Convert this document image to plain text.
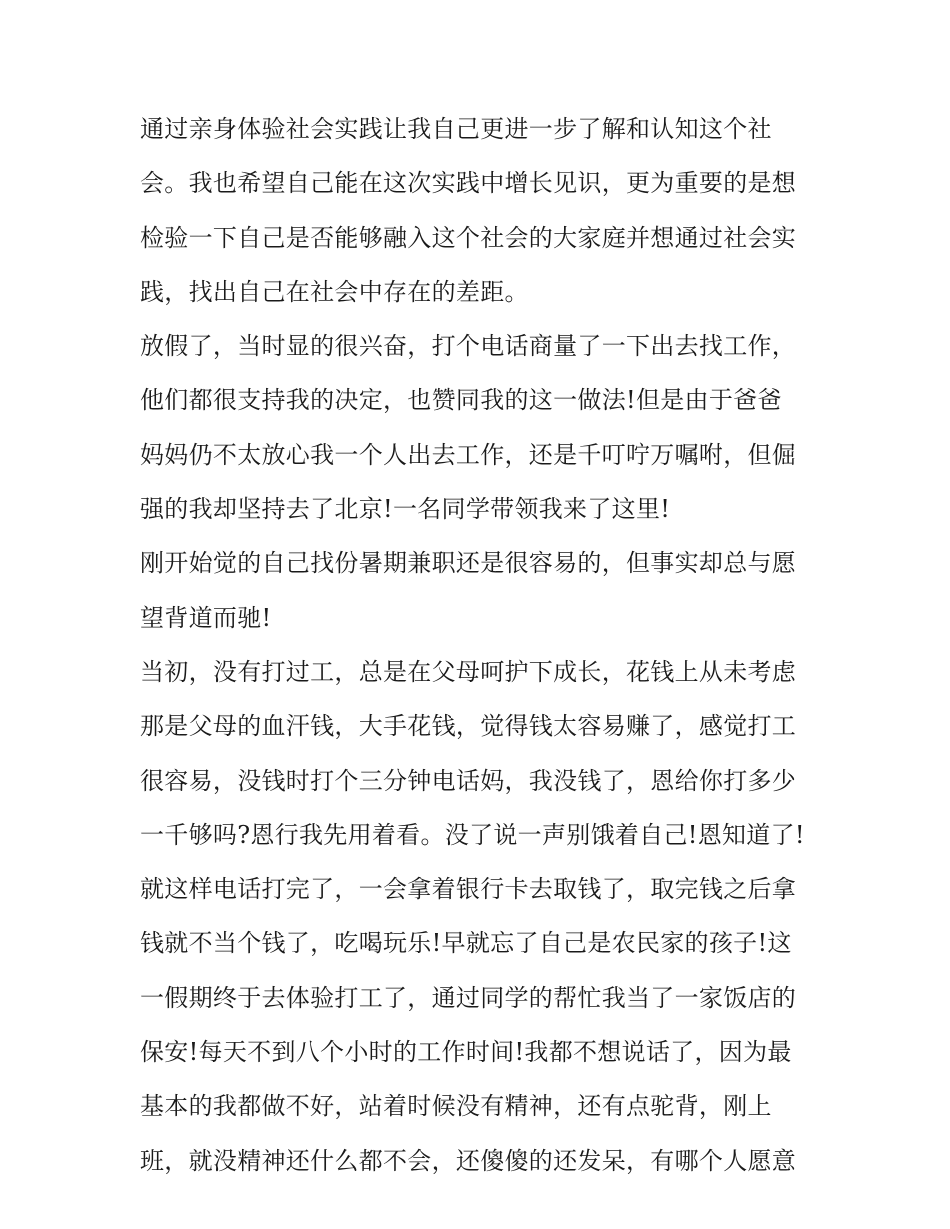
通过亲身体验社会实践让我自己更进一步了解和认知这个社
会。我也希望自己能在这次实践中增长见识，更为重要的是想
检验一下自己是否能够融入这个社会的大家庭并想通过社会实
践，找出自己在社会中存在的差距。
放假了，当时显的很兴奋，打个电话商量了一下出去找工作，
他们都很支持我的决定，也赞同我的这一做法!但是由于爸爸
妈妈仍不太放心我一个人出去工作，还是千叮咛万嘱咐，但倔
强的我却坚持去了北京!一名同学带领我来了这里!
刚开始觉的自己找份暑期兼职还是很容易的，但事实却总与愿
望背道而驰!
当初，没有打过工，总是在父母呵护下成长，花钱上从未考虑
那是父母的血汗钱，大手花钱，觉得钱太容易赚了，感觉打工
很容易，没钱时打个三分钟电话妈，我没钱了，恩给你打多少
一千够吗?恩行我先用着看。没了说一声别饿着自己!恩知道了!
就这样电话打完了，一会拿着银行卡去取钱了，取完钱之后拿
钱就不当个钱了，吃喝玩乐!早就忘了自己是农民家的孩子!这
一假期终于去体验打工了，通过同学的帮忙我当了一家饭店的
保安!每天不到八个小时的工作时间!我都不想说话了，因为最
基本的我都做不好，站着时候没有精神，还有点驼背，刚上
班，就没精神还什么都不会，还傻傻的还发呆，有哪个人愿意
